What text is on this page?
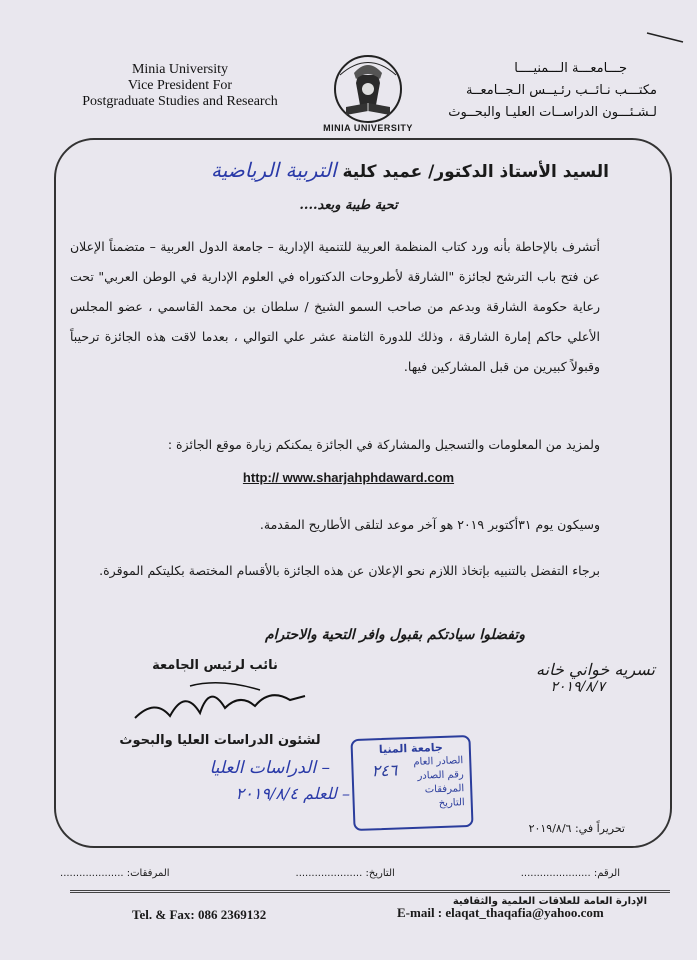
Minia University
Vice President For
Postgraduate Studies and Research
MINIA UNIVERSITY
جـــامعـــة الـــمنيــــا
مكتـــب نـائــب رئـيــس الـجــامعــة
لـشـئـــون الدراســات العليـا والبحــوث
السيد الأستاذ الدكتور/ عميد كلية التربية الرياضية
تحية طيبة وبعد....
أتشرف بالإحاطة بأنه ورد كتاب المنظمة العربية للتنمية الإدارية – جامعة الدول العربية – متضمناً الإعلان عن فتح باب الترشح لجائزة "الشارقة لأطروحات الدكتوراه في العلوم الإدارية في الوطن العربي" تحت رعاية حكومة الشارقة وبدعم من صاحب السمو الشيخ / سلطان بن محمد القاسمي ، عضو المجلس الأعلي حاكم إمارة الشارقة ، وذلك للدورة الثامنة عشر علي التوالي ، بعدما لاقت هذه الجائزة ترحيباً وقبولاً كبيرين من قبل المشاركين فيها.
ولمزيد من المعلومات والتسجيل والمشاركة في الجائزة يمكنكم زيارة موقع الجائزة :
http:// www.sharjahphdaward.com
وسيكون يوم ٣١أكتوبر ٢٠١٩ هو آخر موعد لتلقى الأطاريح المقدمة.
برجاء التفضل بالتنبيه بإتخاذ اللازم نحو الإعلان عن هذه الجائزة بالأقسام المختصة بكليتكم الموقرة.
وتفضلوا سيادتكم بقبول وافر التحية والاحترام
نائب لرئيس الجامعة
لشئون الدراسات العليا والبحوث
تسريه خواني خانه
٢٠١٩/٨/٧
– الدراسات العليا
– للعلم ٢٠١٩/٨/٤
جامعة المنيا
الصادر العام
رقم الصادر
المرفقات
التاريخ
٢٤٦
تحريراً في: ٢٠١٩/٨/٦
الرقم: ......................
التاريخ: .....................
المرفقات: ....................
الإدارة العامة للعلاقات العلمية والثقافية
Tel. & Fax: 086 2369132	E-mail : elaqat_thaqafia@yahoo.com
